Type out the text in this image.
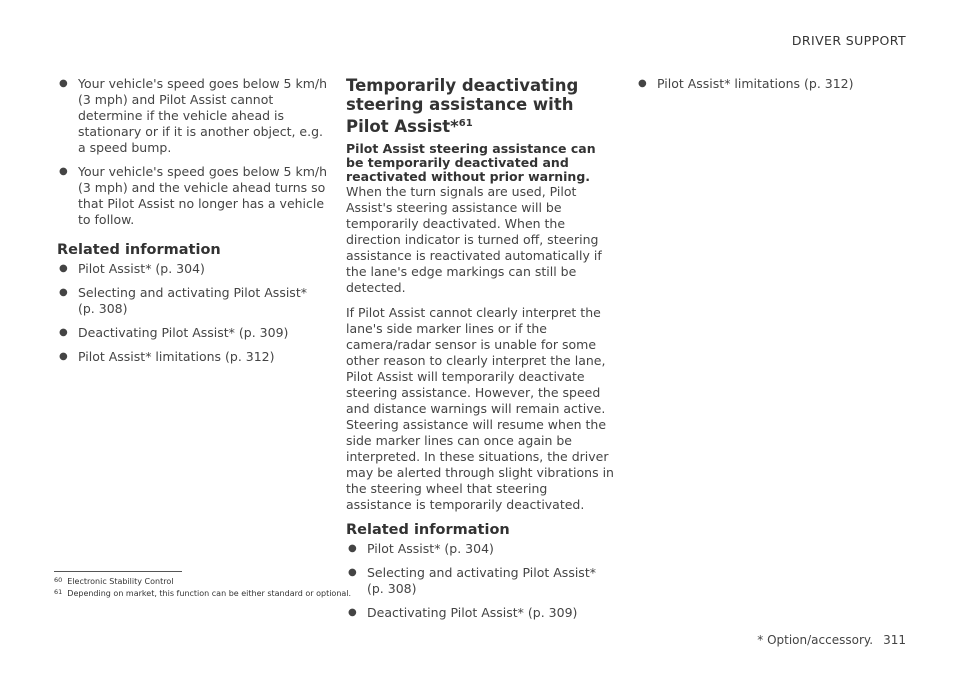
DRIVER SUPPORT
● Your vehicle's speed goes below 5 km/h (3 mph) and Pilot Assist cannot determine if the vehicle ahead is stationary or if it is another object, e.g. a speed bump.
● Your vehicle's speed goes below 5 km/h (3 mph) and the vehicle ahead turns so that Pilot Assist no longer has a vehicle to follow.
Related information
● Pilot Assist* (p. 304)
● Selecting and activating Pilot Assist* (p. 308)
● Deactivating Pilot Assist* (p. 309)
● Pilot Assist* limitations (p. 312)
Temporarily deactivating steering assistance with Pilot Assist*$^{61}$

Pilot Assist steering assistance can be temporarily deactivated and reactivated without prior warning.

When the turn signals are used, Pilot Assist's steering assistance will be temporarily deactivated. When the direction indicator is turned off, steering assistance is reactivated automatically if the lane's edge markings can still be detected.

If Pilot Assist cannot clearly interpret the lane's side marker lines or if the camera/radar sensor is unable for some other reason to clearly interpret the lane, Pilot Assist will temporarily deactivate steering assistance. However, the speed and distance warnings will remain active. Steering assistance will resume when the side marker lines can once again be interpreted. In these situations, the driver may be alerted through slight vibrations in the steering wheel that steering assistance is temporarily deactivated.

Related information
● Pilot Assist* (p. 304)
● Selecting and activating Pilot Assist* (p. 308)
● Deactivating Pilot Assist* (p. 309)
● Pilot Assist* limitations (p. 312)
$^{60}$ Electronic Stability Control
$^{61}$ Depending on market, this function can be either standard or optional.
* Option/accessory. 311
